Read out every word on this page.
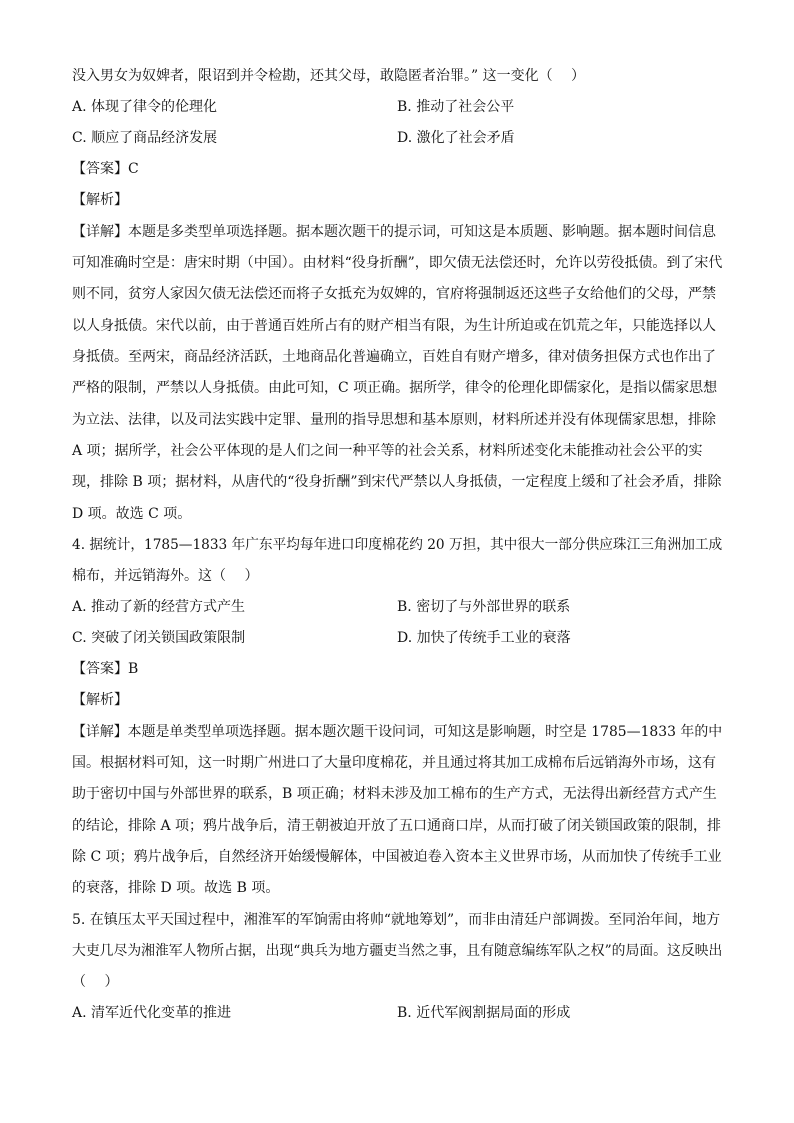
没入男女为奴婢者，限诏到并令检勘，还其父母，敢隐匿者治罪。” 这一变化（　 ）
A. 体现了律令的伦理化	B. 推动了社会公平
C. 顺应了商品经济发展	D. 激化了社会矛盾
【答案】C
【解析】
【详解】本题是多类型单项选择题。据本题次题干的提示词，可知这是本质题、影响题。据本题时间信息
可知准确时空是：唐宋时期（中国）。由材料“役身折酬”，即欠债无法偿还时，允许以劳役抵债。到了宋代
则不同，贫穷人家因欠债无法偿还而将子女抵充为奴婢的，官府将强制返还这些子女给他们的父母，严禁
以人身抵债。宋代以前，由于普通百姓所占有的财产相当有限，为生计所迫或在饥荒之年，只能选择以人
身抵债。至两宋，商品经济活跃，土地商品化普遍确立，百姓自有财产增多，律对债务担保方式也作出了
严格的限制，严禁以人身抵债。由此可知，C 项正确。据所学，律令的伦理化即儒家化，是指以儒家思想
为立法、法律，以及司法实践中定罪、量刑的指导思想和基本原则，材料所述并没有体现儒家思想，排除
A 项；据所学，社会公平体现的是人们之间一种平等的社会关系，材料所述变化未能推动社会公平的实
现，排除 B 项；据材料，从唐代的“役身折酬”到宋代严禁以人身抵债，一定程度上缓和了社会矛盾，排除
D 项。故选 C 项。
4. 据统计，1785—1833 年广东平均每年进口印度棉花约 20 万担，其中很大一部分供应珠江三角洲加工成
棉布，并远销海外。这（　 ）
A. 推动了新的经营方式产生	B. 密切了与外部世界的联系
C. 突破了闭关锁国政策限制	D. 加快了传统手工业的衰落
【答案】B
【解析】
【详解】本题是单类型单项选择题。据本题次题干设问词，可知这是影响题，时空是 1785—1833 年的中
国。根据材料可知，这一时期广州进口了大量印度棉花，并且通过将其加工成棉布后远销海外市场，这有
助于密切中国与外部世界的联系，B 项正确；材料未涉及加工棉布的生产方式，无法得出新经营方式产生
的结论，排除 A 项；鸦片战争后，清王朝被迫开放了五口通商口岸，从而打破了闭关锁国政策的限制，排
除 C 项；鸦片战争后，自然经济开始缓慢解体，中国被迫卷入资本主义世界市场，从而加快了传统手工业
的衰落，排除 D 项。故选 B 项。
5. 在镇压太平天国过程中，湘淮军的军饷需由将帅“就地筹划”，而非由清廷户部调拨。至同治年间，地方
大吏几尽为湘淮军人物所占据，出现“典兵为地方疆吏当然之事，且有随意编练军队之权”的局面。这反映出
（　 ）
A. 清军近代化变革的推进	B. 近代军阀割据局面的形成
